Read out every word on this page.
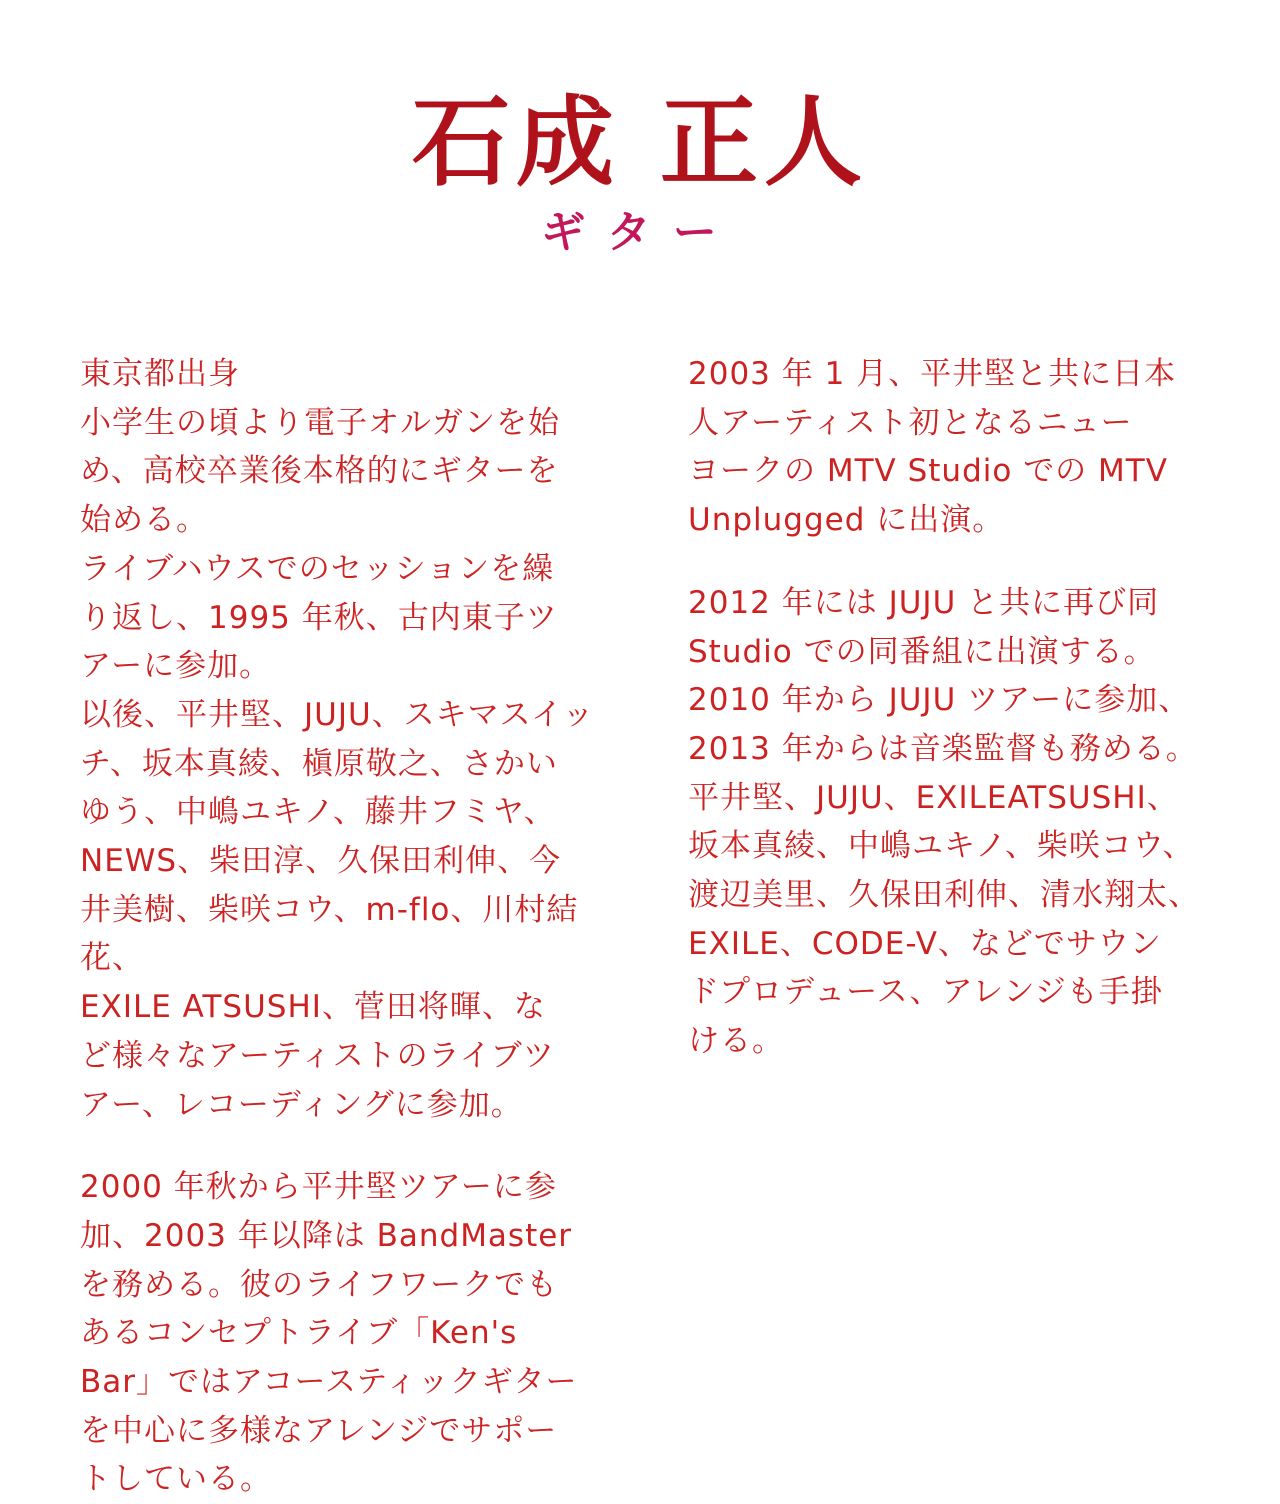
石成 正人
ギター

東京都出身
小学生の頃より電子オルガンを始
め、高校卒業後本格的にギターを
始める。
ライブハウスでのセッションを繰
り返し、1995 年秋、古内東子ツ
アーに参加。
以後、平井堅、JUJU、スキマスイッ
チ、坂本真綾、槇原敬之、さかい
ゆう、中嶋ユキノ、藤井フミヤ、
NEWS、柴田淳、久保田利伸、今
井美樹、柴咲コウ、m-flo、川村結花、
EXILE ATSUSHI、菅田将暉、な
ど様々なアーティストのライブツ
アー、レコーディングに参加。

2000 年秋から平井堅ツアーに参
加、2003 年以降は BandMaster
を務める。彼のライフワークでも
あるコンセプトライブ「Ken's
Bar」ではアコースティックギター
を中心に多様なアレンジでサポー
トしている。

2003 年 1 月、平井堅と共に日本
人アーティスト初となるニュー
ヨークの MTV Studio での MTV
Unplugged に出演。

2012 年には JUJU と共に再び同
Studio での同番組に出演する。
2010 年から JUJU ツアーに参加、
2013 年からは音楽監督も務める。
平井堅、JUJU、EXILEATSUSHI、
坂本真綾、中嶋ユキノ、柴咲コウ、
渡辺美里、久保田利伸、清水翔太、
EXILE、CODE-V、などでサウン
ドプロデュース、アレンジも手掛
ける。
